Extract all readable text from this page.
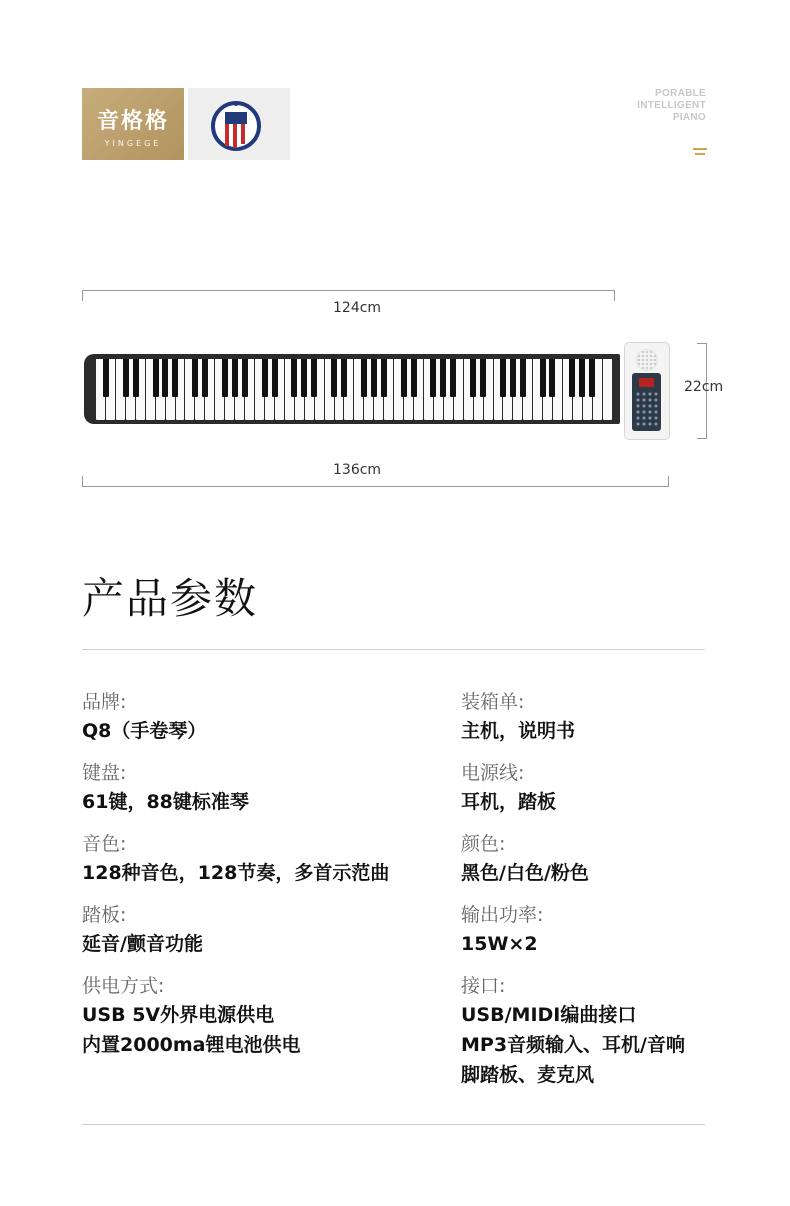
音格格
YINGEGE
PORABLE
INTELLIGENT
PIANO
124cm
22cm
136cm
产品参数
品牌:
Q8（手卷琴）
键盘:
61键，88键标准琴
音色:
128种音色，128节奏，多首示范曲
踏板:
延音/颤音功能
供电方式:
USB 5V外界电源供电
内置2000ma锂电池供电
装箱单:
主机，说明书
电源线:
耳机，踏板
颜色:
黑色/白色/粉色
输出功率:
15W×2
接口:
USB/MIDI编曲接口
MP3音频输入、耳机/音响
脚踏板、麦克风
